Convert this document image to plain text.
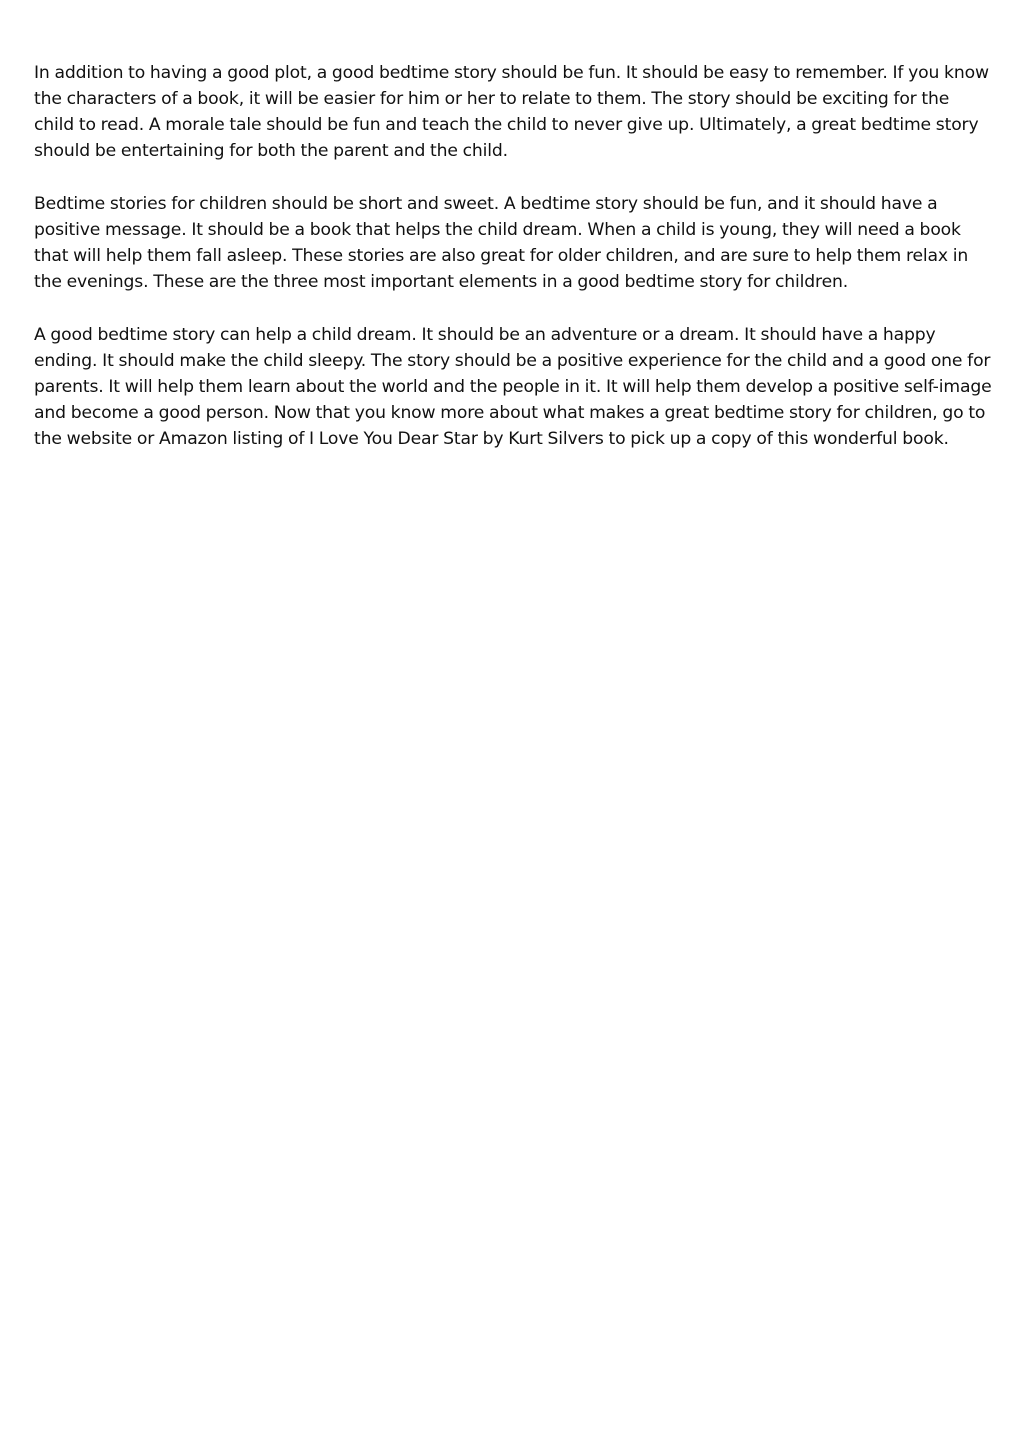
In addition to having a good plot, a good bedtime story should be fun. It should be easy to remember. If you know the characters of a book, it will be easier for him or her to relate to them. The story should be exciting for the child to read. A morale tale should be fun and teach the child to never give up. Ultimately, a great bedtime story should be entertaining for both the parent and the child.

Bedtime stories for children should be short and sweet. A bedtime story should be fun, and it should have a positive message. It should be a book that helps the child dream. When a child is young, they will need a book that will help them fall asleep. These stories are also great for older children, and are sure to help them relax in the evenings. These are the three most important elements in a good bedtime story for children.

A good bedtime story can help a child dream. It should be an adventure or a dream. It should have a happy ending. It should make the child sleepy. The story should be a positive experience for the child and a good one for parents. It will help them learn about the world and the people in it. It will help them develop a positive self-image and become a good person. Now that you know more about what makes a great bedtime story for children, go to the website or Amazon listing of I Love You Dear Star by Kurt Silvers to pick up a copy of this wonderful book.
